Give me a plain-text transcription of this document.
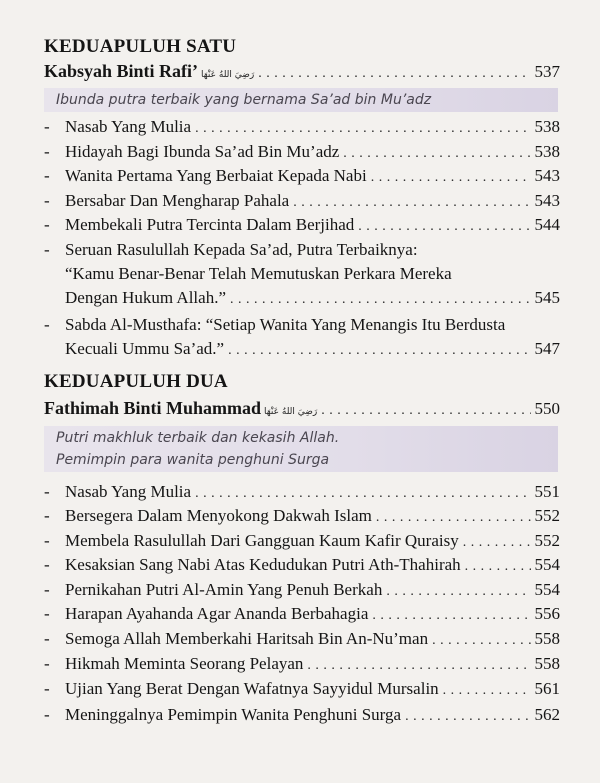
KEDUAPULUH SATU
Kabsyah Binti Rafi’ رَضِيَ اللهُ عَنْهَا . . .	537
Ibunda putra terbaik yang bernama Sa’ad bin Mu’adz
- Nasab Yang Mulia . . .	538
- Hidayah Bagi Ibunda Sa’ad Bin Mu’adz . . .	538
- Wanita Pertama Yang Berbaiat Kepada Nabi . . .	543
- Bersabar Dan Mengharap Pahala . . .	543
- Membekali Putra Tercinta Dalam Berjihad . . .	544
- Seruan Rasulullah Kepada Sa’ad, Putra Terbaiknya:
“Kamu Benar-Benar Telah Memutuskan Perkara Mereka
Dengan Hukum Allah.” . . .	545
- Sabda Al-Musthafa: “Setiap Wanita Yang Menangis Itu Berdusta
Kecuali Ummu Sa’ad.” . . .	547
KEDUAPULUH DUA
Fathimah Binti Muhammad رَضِيَ اللهُ عَنْهَا . . .	550
Putri makhluk terbaik dan kekasih Allah.
Pemimpin para wanita penghuni Surga
- Nasab Yang Mulia . . .	551
- Bersegera Dalam Menyokong Dakwah Islam . . .	552
- Membela Rasulullah Dari Gangguan Kaum Kafir Quraisy . . .	552
- Kesaksian Sang Nabi Atas Kedudukan Putri Ath-Thahirah . . .	554
- Pernikahan Putri Al-Amin Yang Penuh Berkah . . .	554
- Harapan Ayahanda Agar Ananda Berbahagia . . .	556
- Semoga Allah Memberkahi Haritsah Bin An-Nu’man . . .	558
- Hikmah Meminta Seorang Pelayan . . .	558
- Ujian Yang Berat Dengan Wafatnya Sayyidul Mursalin . . .	561
- Meninggalnya Pemimpin Wanita Penghuni Surga . . .	562
